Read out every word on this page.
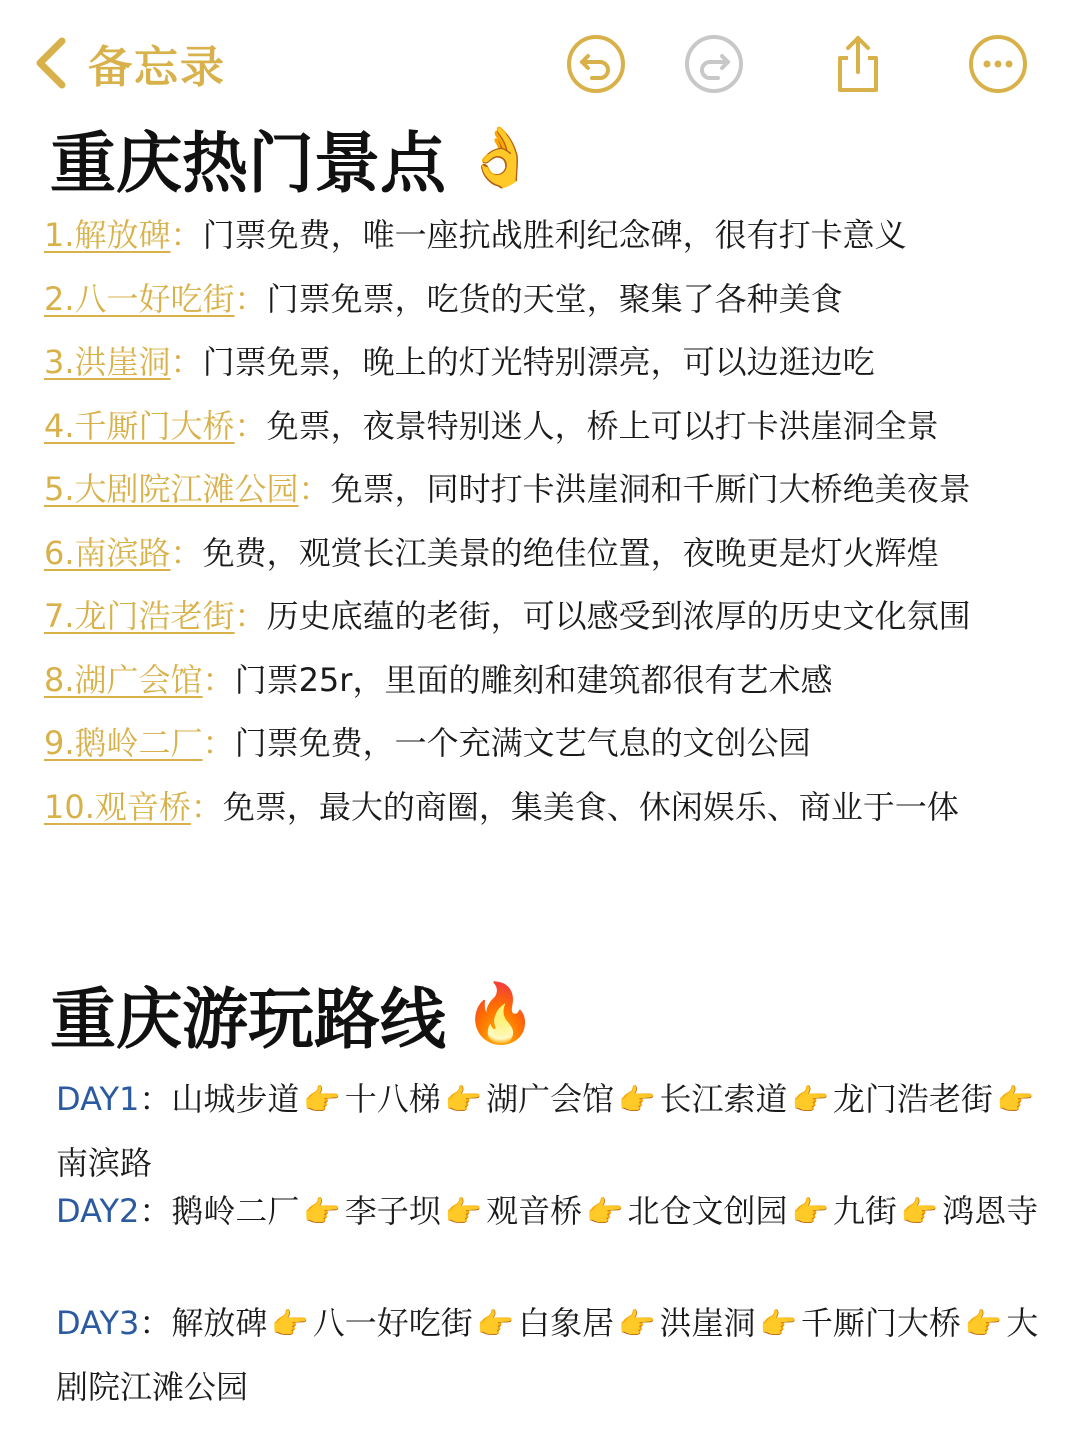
备忘录
重庆热门景点 👌
1.解放碑：门票免费，唯一座抗战胜利纪念碑，很有打卡意义
2.八一好吃街：门票免票，吃货的天堂，聚集了各种美食
3.洪崖洞：门票免票，晚上的灯光特别漂亮，可以边逛边吃
4.千厮门大桥：免票，夜景特别迷人，桥上可以打卡洪崖洞全景
5.大剧院江滩公园：免票，同时打卡洪崖洞和千厮门大桥绝美夜景
6.南滨路：免费，观赏长江美景的绝佳位置，夜晚更是灯火辉煌
7.龙门浩老街：历史底蕴的老街，可以感受到浓厚的历史文化氛围
8.湖广会馆：门票25r，里面的雕刻和建筑都很有艺术感
9.鹅岭二厂：门票免费，一个充满文艺气息的文创公园
10.观音桥：免票，最大的商圈，集美食、休闲娱乐、商业于一体
重庆游玩路线 🔥
DAY1：山城步道 👉 十八梯 👉 湖广会馆 👉 长江索道 👉 龙门浩老街 👉南滨路
DAY2：鹅岭二厂 👉 李子坝 👉 观音桥 👉 北仓文创园 👉 九街 👉 鸿恩寺
DAY3：解放碑 👉 八一好吃街 👉 白象居 👉 洪崖洞 👉 千厮门大桥 👉 大剧院江滩公园
